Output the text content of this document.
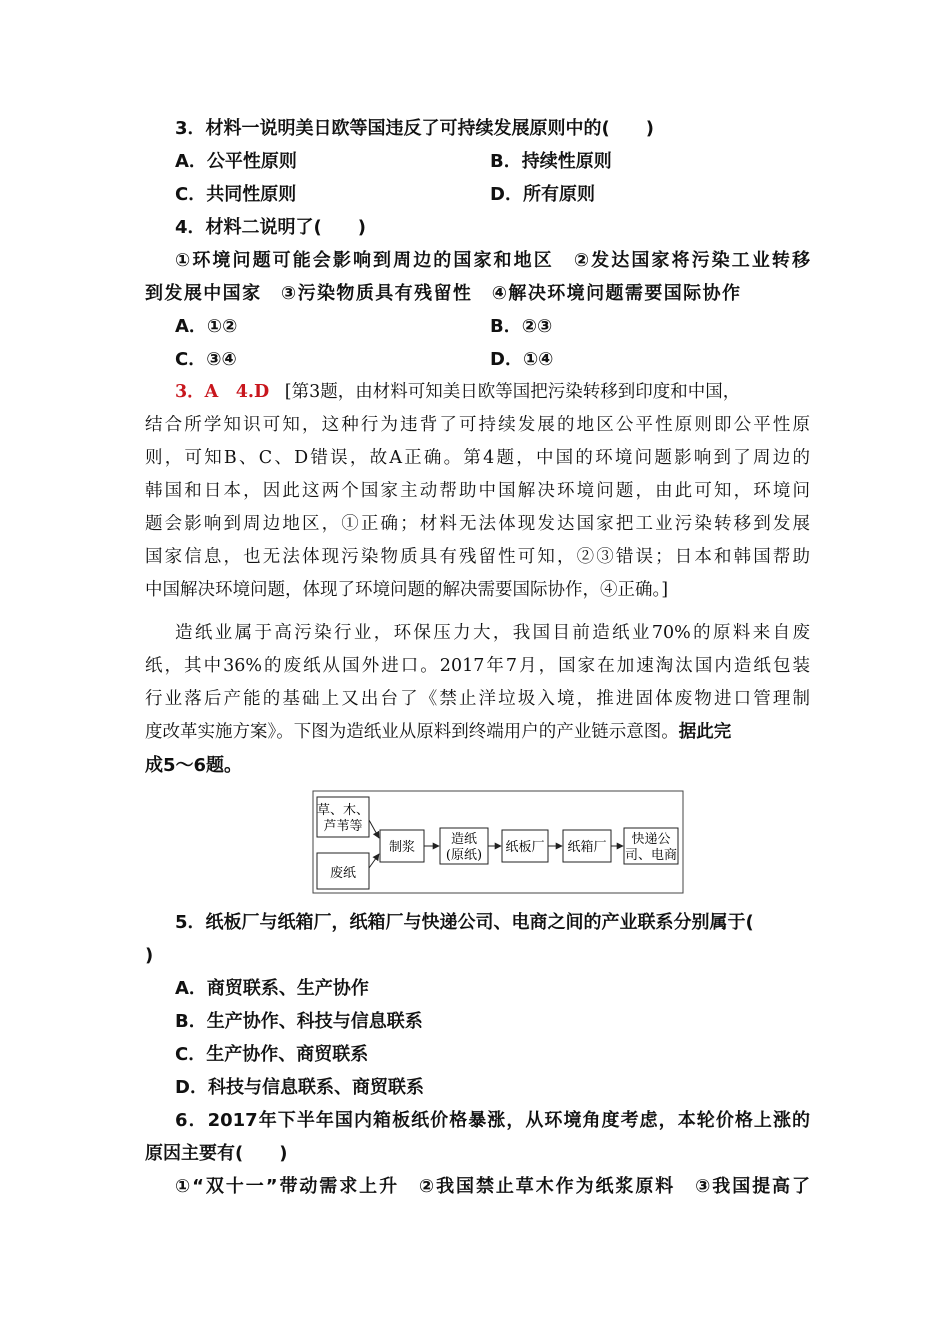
3．材料一说明美日欧等国违反了可持续发展原则中的(　　)
A．公平性原则	B．持续性原则
C．共同性原则	D．所有原则
4．材料二说明了(　　)
①环境问题可能会影响到周边的国家和地区　②发达国家将污染工业转移
到发展中国家　③污染物质具有残留性　④解决环境问题需要国际协作
A．①②	B．②③
C．③④	D．①④
3．A　4.D [第3题，由材料可知美日欧等国把污染转移到印度和中国，
结合所学知识可知，这种行为违背了可持续发展的地区公平性原则即公平性原
则，可知B、C、D错误，故A正确。第4题，中国的环境问题影响到了周边的
韩国和日本，因此这两个国家主动帮助中国解决环境问题，由此可知，环境问
题会影响到周边地区，①正确；材料无法体现发达国家把工业污染转移到发展
国家信息，也无法体现污染物质具有残留性可知，②③错误；日本和韩国帮助
中国解决环境问题，体现了环境问题的解决需要国际协作，④正确。]
造纸业属于高污染行业，环保压力大，我国目前造纸业70%的原料来自废
纸，其中36%的废纸从国外进口。2017年7月，国家在加速淘汰国内造纸包装
行业落后产能的基础上又出台了《禁止洋垃圾入境，推进固体废物进口管理制
度改革实施方案》。下图为造纸业从原料到终端用户的产业链示意图。据此完
成5～6题。
草、木、
芦苇等
废纸
制浆
造纸
(原纸)
纸板厂 纸箱厂
快递公
司、电商
5．纸板厂与纸箱厂，纸箱厂与快递公司、电商之间的产业联系分别属于(
)
A．商贸联系、生产协作
B．生产协作、科技与信息联系
C．生产协作、商贸联系
D．科技与信息联系、商贸联系
6．2017年下半年国内箱板纸价格暴涨，从环境角度考虑，本轮价格上涨的
原因主要有(　　)
①“双十一”带动需求上升　②我国禁止草木作为纸浆原料　③我国提高了
